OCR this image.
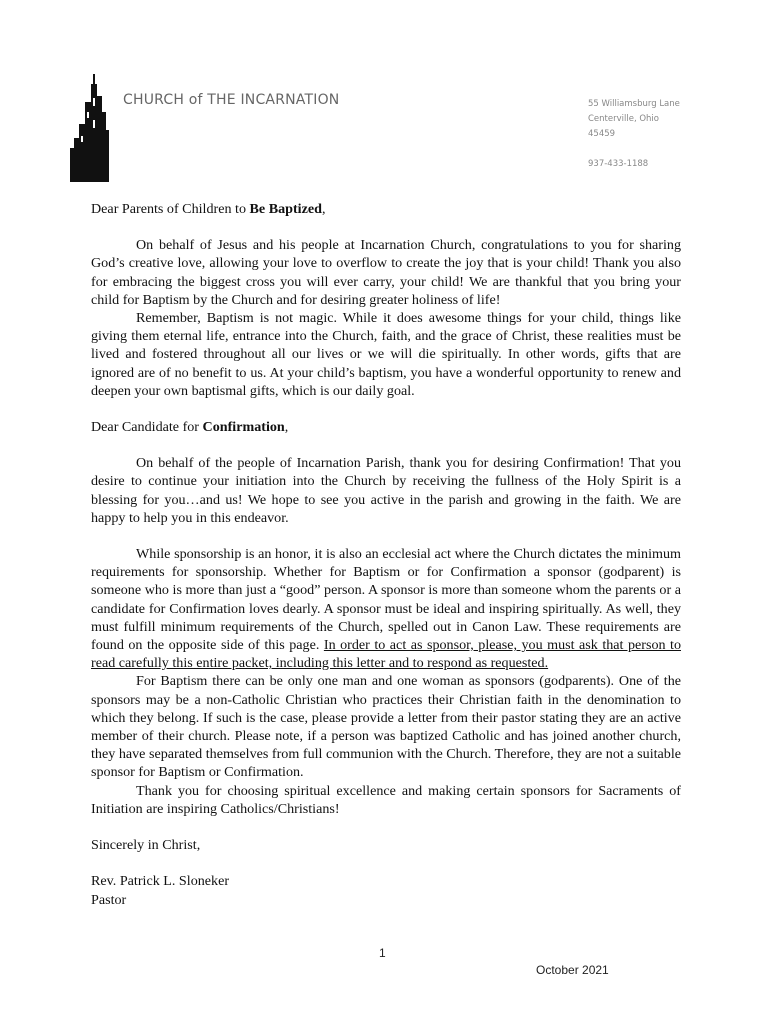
CHURCH of THE INCARNATION	55 Williamsburg Lane
Centerville, Ohio
45459
937-433-1188

Dear Parents of Children to Be Baptized,

On behalf of Jesus and his people at Incarnation Church, congratulations to you for sharing God’s creative love, allowing your love to overflow to create the joy that is your child! Thank you also for embracing the biggest cross you will ever carry, your child! We are thankful that you bring your child for Baptism by the Church and for desiring greater holiness of life!

Remember, Baptism is not magic. While it does awesome things for your child, things like giving them eternal life, entrance into the Church, faith, and the grace of Christ, these realities must be lived and fostered throughout all our lives or we will die spiritually. In other words, gifts that are ignored are of no benefit to us. At your child’s baptism, you have a wonderful opportunity to renew and deepen your own baptismal gifts, which is our daily goal.

Dear Candidate for Confirmation,

On behalf of the people of Incarnation Parish, thank you for desiring Confirmation! That you desire to continue your initiation into the Church by receiving the fullness of the Holy Spirit is a blessing for you…and us! We hope to see you active in the parish and growing in the faith. We are happy to help you in this endeavor.

While sponsorship is an honor, it is also an ecclesial act where the Church dictates the minimum requirements for sponsorship. Whether for Baptism or for Confirmation a sponsor (godparent) is someone who is more than just a “good” person. A sponsor is more than someone whom the parents or a candidate for Confirmation loves dearly. A sponsor must be ideal and inspiring spiritually. As well, they must fulfill minimum requirements of the Church, spelled out in Canon Law. These requirements are found on the opposite side of this page. In order to act as sponsor, please, you must ask that person to read carefully this entire packet, including this letter and to respond as requested.

For Baptism there can be only one man and one woman as sponsors (godparents). One of the sponsors may be a non-Catholic Christian who practices their Christian faith in the denomination to which they belong. If such is the case, please provide a letter from their pastor stating they are an active member of their church. Please note, if a person was baptized Catholic and has joined another church, they have separated themselves from full communion with the Church. Therefore, they are not a suitable sponsor for Baptism or Confirmation.

Thank you for choosing spiritual excellence and making certain sponsors for Sacraments of Initiation are inspiring Catholics/Christians!

Sincerely in Christ,

Rev. Patrick L. Sloneker

Pastor

1
October 2021
